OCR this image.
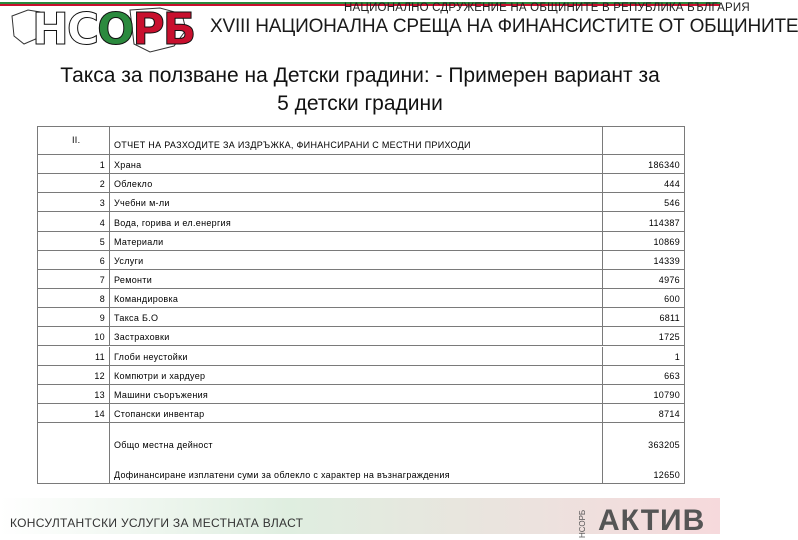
НСОРБ	НАЦИОНАЛНО СДРУЖЕНИЕ НА ОБЩИНИТЕ В РЕПУБЛИКА БЪЛГАРИЯ
XVIII НАЦИОНАЛНА СРЕЩА НА ФИНАНСИСТИТЕ ОТ ОБЩИНИТЕ
Такса за ползване на Детски градини: - Примерен вариант за
5 детски градини
II.	ОТЧЕТ НА РАЗХОДИТЕ ЗА ИЗДРЪЖКА, ФИНАНСИРАНИ С МЕСТНИ ПРИХОДИ
1 Храна	186340
2 Облекло	444
3 Учебни м-ли	546
4 Вода, горива и ел.енергия	114387
5 Материали	10869
6 Услуги	14339
7 Ремонти	4976
8 Командировка	600
9 Такса Б.О	6811
10 Застраховки	1725
11 Глоби неустойки	1
12 Компютри и хардуер	663
13 Машини съоръжения	10790
14 Стопански инвентар	8714
Общо местна дейност	363205
Дофинансиране изплатени суми за облекло с характер на възнаграждения	12650
КОНСУЛТАНТСКИ УСЛУГИ ЗА МЕСТНАТА ВЛАСТ	НСОРБ АКТИВ
